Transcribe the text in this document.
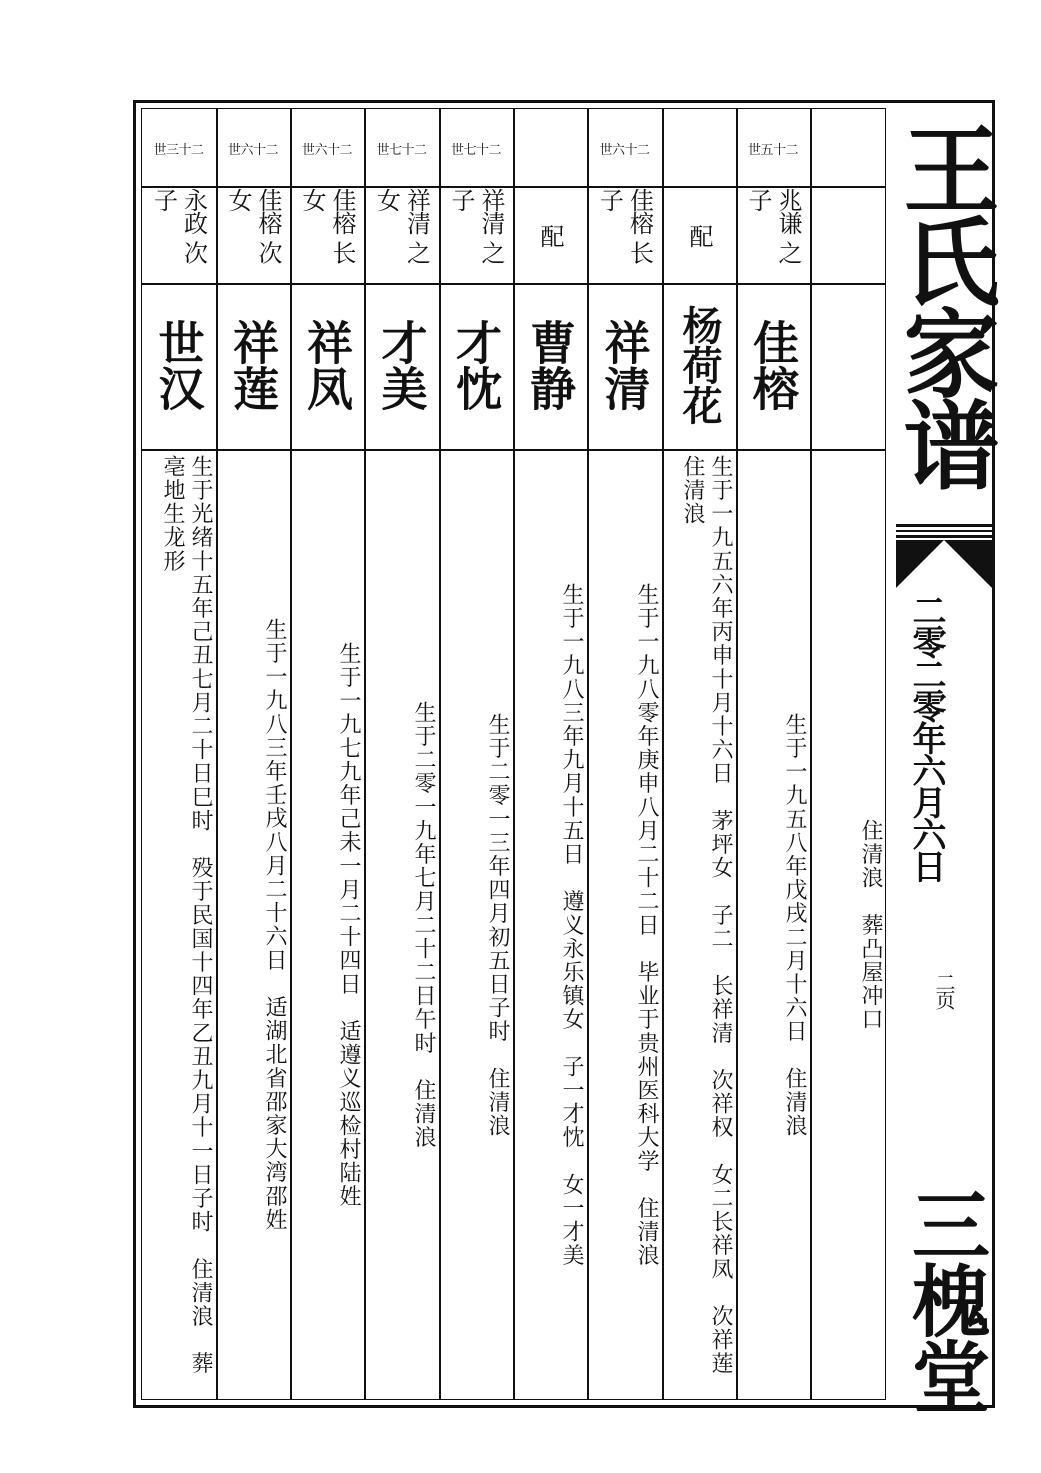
世三十二
永政 次子
世汉
生于光绪十五年己丑七月二十日巳时　殁于民国十四年乙丑九月十一日子时　住清浪　葬亳地生龙形
世六十二
佳榕 次女
祥莲
生于一九八三年壬戌八月二十六日　适湖北省邵家大湾邵姓
世六十二
佳榕 长女
祥凤
生于一九七九年己未一月二十四日　适遵义巡检村陆姓
世七十二
祥清 之女
才美
生于二零一九年七月二十二日午时　住清浪
世七十二
祥清 之子
才忱
生于二零一三年四月初五日子时　住清浪
配
曹静
生于一九八三年九月十五日　遵义永乐镇女　子一才忱　女一才美
世六十二
佳榕 长子
祥清
生于一九八零年庚申八月二十二日　毕业于贵州医科大学　住清浪
配
杨荷花
生于一九五六年丙申十月十六日　茅坪女　子二　长祥清　次祥权　女二长祥凤　次祥莲　住清浪
世五十二
兆谦 之子
佳榕
生于一九五八年戊戌二月十六日　住清浪	住清浪　葬凸屋冲口
王氏家谱
二零二零年六月六日
二页
三槐堂
